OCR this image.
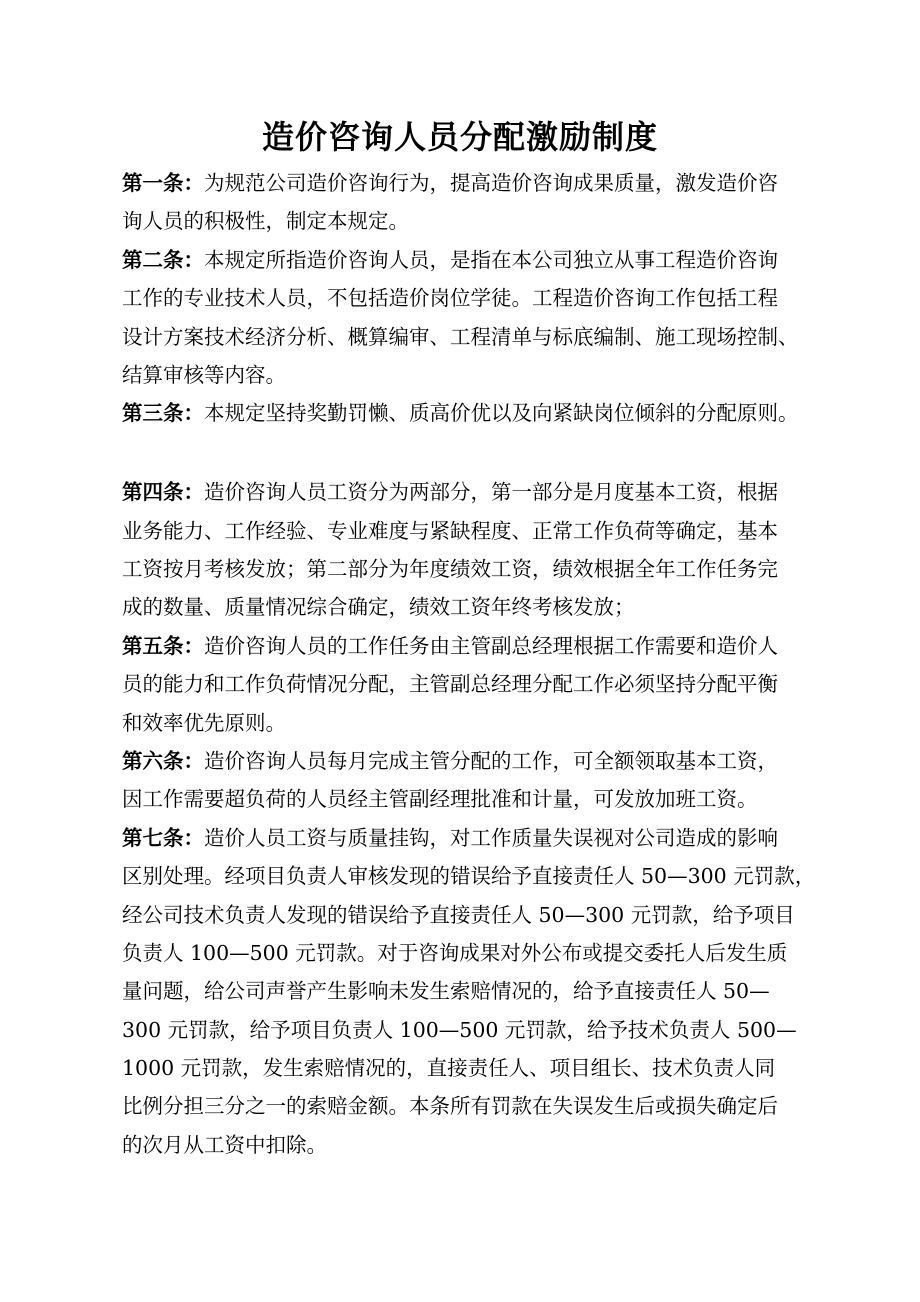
造价咨询人员分配激励制度
第一条：为规范公司造价咨询行为，提高造价咨询成果质量，激发造价咨
询人员的积极性，制定本规定。
第二条：本规定所指造价咨询人员，是指在本公司独立从事工程造价咨询
工作的专业技术人员，不包括造价岗位学徒。工程造价咨询工作包括工程
设计方案技术经济分析、概算编审、工程清单与标底编制、施工现场控制、
结算审核等内容。
第三条：本规定坚持奖勤罚懒、质高价优以及向紧缺岗位倾斜的分配原则。
第四条：造价咨询人员工资分为两部分，第一部分是月度基本工资，根据
业务能力、工作经验、专业难度与紧缺程度、正常工作负荷等确定，基本
工资按月考核发放；第二部分为年度绩效工资，绩效根据全年工作任务完
成的数量、质量情况综合确定，绩效工资年终考核发放；
第五条：造价咨询人员的工作任务由主管副总经理根据工作需要和造价人
员的能力和工作负荷情况分配，主管副总经理分配工作必须坚持分配平衡
和效率优先原则。
第六条：造价咨询人员每月完成主管分配的工作，可全额领取基本工资，
因工作需要超负荷的人员经主管副经理批准和计量，可发放加班工资。
第七条：造价人员工资与质量挂钩，对工作质量失误视对公司造成的影响
区别处理。经项目负责人审核发现的错误给予直接责任人 50—300 元罚款，
经公司技术负责人发现的错误给予直接责任人 50—300 元罚款，给予项目
负责人 100—500 元罚款。对于咨询成果对外公布或提交委托人后发生质
量问题，给公司声誉产生影响未发生索赔情况的，给予直接责任人 50—
300 元罚款，给予项目负责人 100—500 元罚款，给予技术负责人 500—
1000 元罚款，发生索赔情况的，直接责任人、项目组长、技术负责人同
比例分担三分之一的索赔金额。本条所有罚款在失误发生后或损失确定后
的次月从工资中扣除。
